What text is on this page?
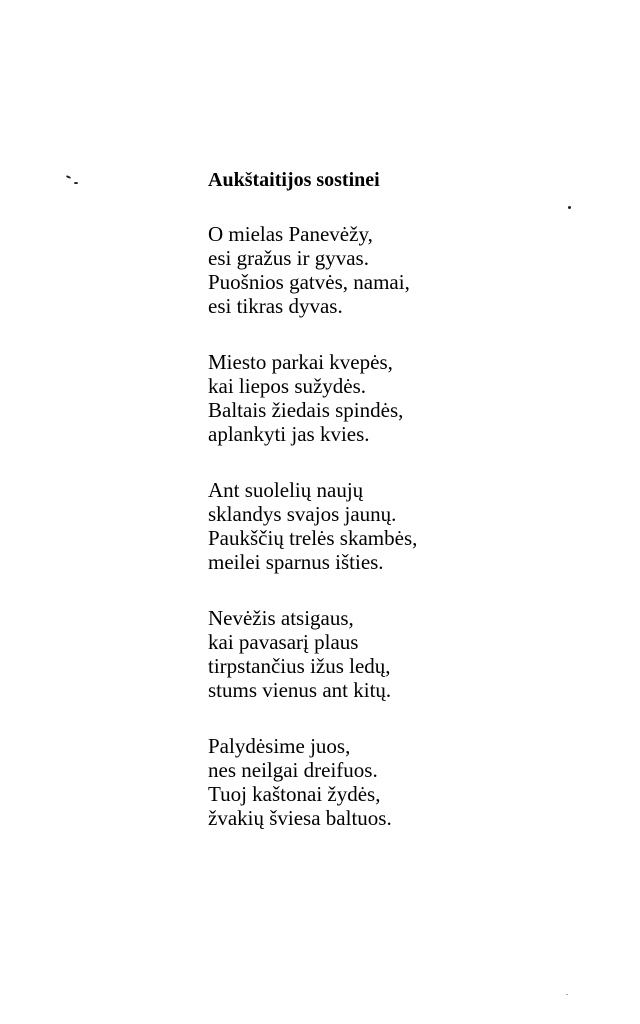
Aukštaitijos sostinei
O mielas Panevėžy,
esi gražus ir gyvas.
Puošnios gatvės, namai,
esi tikras dyvas.
Miesto parkai kvepės,
kai liepos sužydės.
Baltais žiedais spindės,
aplankyti jas kvies.
Ant suolelių naujų
sklandys svajos jaunų.
Paukščių trelės skambės,
meilei sparnus išties.
Nevėžis atsigaus,
kai pavasarį plaus
tirpstančius ižus ledų,
stums vienus ant kitų.
Palydėsime juos,
nes neilgai dreifuos.
Tuoj kaštonai žydės,
žvakių šviesa baltuos.
